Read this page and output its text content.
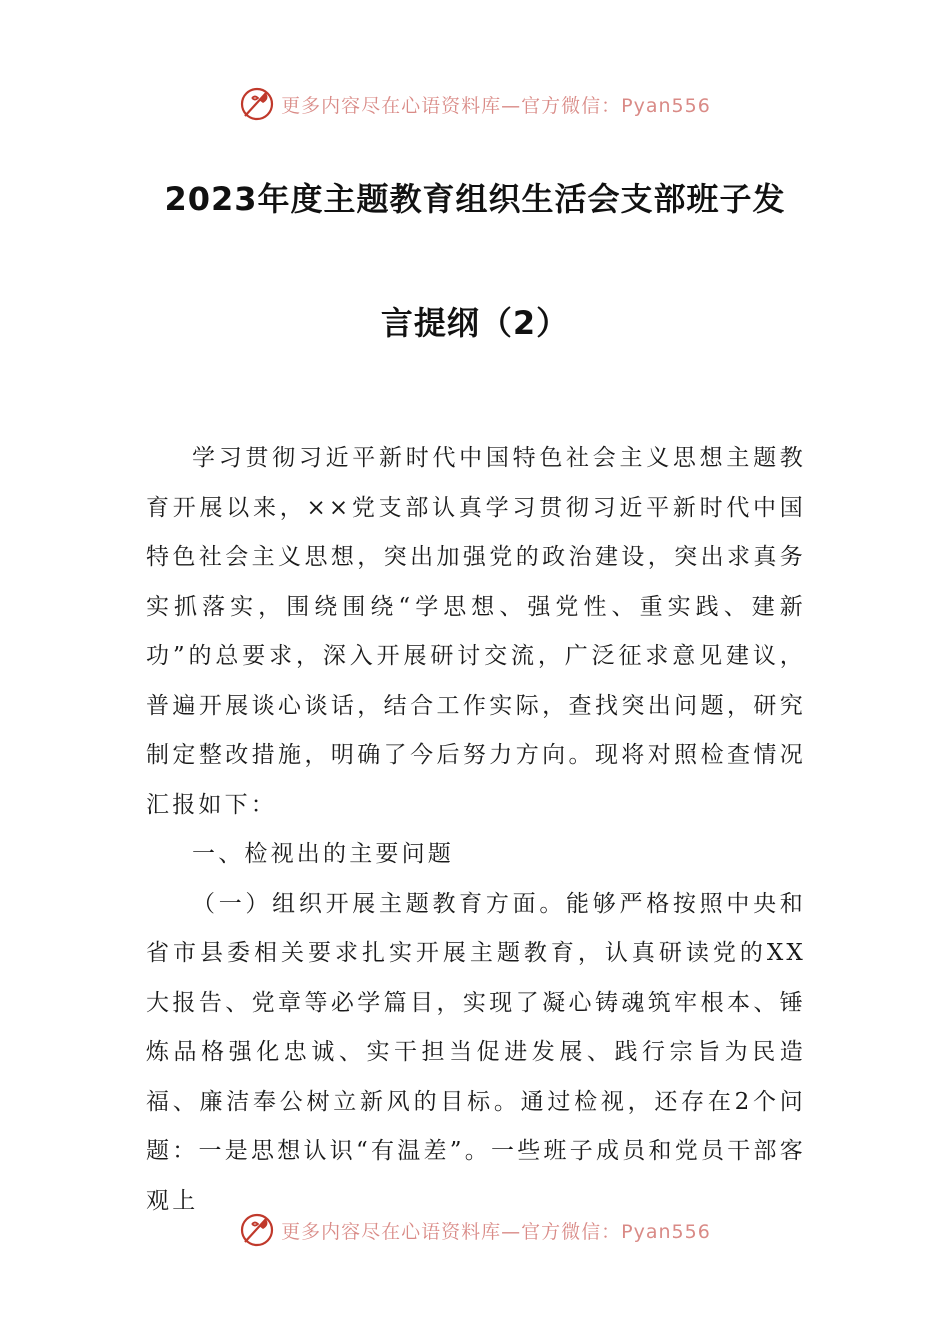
更多内容尽在心语资料库—官方微信：Pyan556
2023年度主题教育组织生活会支部班子发
言提纲（2）

学习贯彻习近平新时代中国特色社会主义思想主题教育开展以来，××党支部认真学习贯彻习近平新时代中国特色社会主义思想，突出加强党的政治建设，突出求真务实抓落实，围绕围绕“学思想、强党性、重实践、建新功”的总要求，深入开展研讨交流，广泛征求意见建议，普遍开展谈心谈话，结合工作实际，查找突出问题，研究制定整改措施，明确了今后努力方向。现将对照检查情况汇报如下：

一、检视出的主要问题

（一）组织开展主题教育方面。能够严格按照中央和省市县委相关要求扎实开展主题教育，认真研读党的XX大报告、党章等必学篇目，实现了凝心铸魂筑牢根本、锤炼品格强化忠诚、实干担当促进发展、践行宗旨为民造福、廉洁奉公树立新风的目标。通过检视，还存在2个问题：一是思想认识“有温差”。一些班子成员和党员干部客观上

更多内容尽在心语资料库—官方微信：Pyan556
